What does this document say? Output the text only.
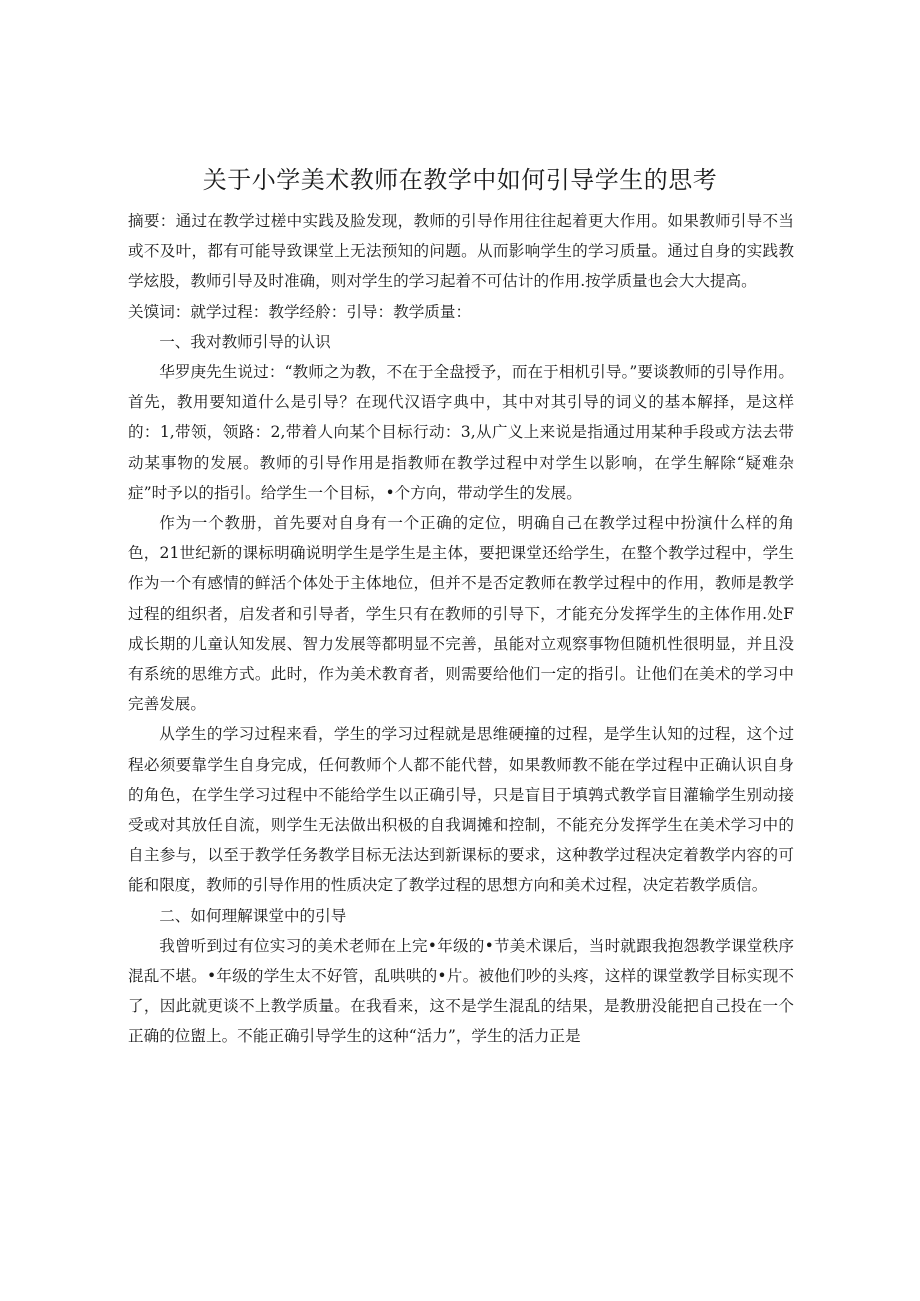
关于小学美术教师在教学中如何引导学生的思考

摘要：通过在教学过槎中实践及脸发现，教师的引导作用往往起着更大作用。如果教师引导不当或不及叶，都有可能导致课堂上无法预知的问题。从而影响学生的学习质量。通过自身的实践教学炫股，教师引导及时准确，则对学生的学习起着不可估计的作用.按学质量也会大大提高。

关馍词：就学过程：教学经舲：引导：教学质量：

一、我对教师引导的认识

华罗庚先生说过：“教师之为教，不在于全盘授予，而在于相机引导。”要谈教师的引导作用。首先，教用要知道什么是引导？在现代汉语字典中，其中对其引导的词义的基本解择，是这样的：1,带领，领路：2,带着人向某个目标行动：3,从广义上来说是指通过用某种手段或方法去带动某事物的发展。教师的引导作用是指教师在教学过程中对学生以影响，在学生解除“疑难杂症”时予以的指引。给学生一个目标，•个方向，带动学生的发展。

作为一个教册，首先要对自身有一个正确的定位，明确自己在教学过程中扮演什么样的角色，21世纪新的课标明确说明学生是学生是主体，要把课堂还给学生，在整个教学过程中，学生作为一个有感情的鲜活个体处于主体地位，但并不是否定教师在教学过程中的作用，教师是教学过程的组织者，启发者和引导者，学生只有在教师的引导下，才能充分发挥学生的主体作用.处F成长期的儿童认知发展、智力发展等都明显不完善，虽能对立观察事物但随机性很明显，并且没有系统的思维方式。此时，作为美术教育者，则需要给他们一定的指引。让他们在美术的学习中完善发展。

从学生的学习过程来看，学生的学习过程就是思维硬撞的过程，是学生认知的过程，这个过程必须要靠学生自身完成，任何教师个人都不能代替，如果教师教不能在学过程中正确认识自身的角色，在学生学习过程中不能给学生以正确引导，只是盲目于填鹑式教学盲目灌输学生别动接受或对其放任自流，则学生无法做出积极的自我调摊和控制，不能充分发挥学生在美术学习中的自主参与，以至于教学任务教学目标无法达到新课标的要求，这种教学过程决定着教学内容的可能和限度，教师的引导作用的性质决定了教学过程的思想方向和美术过程，决定若教学质信。

二、如何理解课堂中的引导

我曾听到过有位实习的美术老师在上完•年级的•节美术课后，当时就跟我抱怨教学课堂秩序混乱不堪。•年级的学生太不好管，乱哄哄的•片。被他们吵的头疼，这样的课堂教学目标实现不了，因此就更谈不上教学质量。在我看来，这不是学生混乱的结果，是教册没能把自己投在一个正确的位盥上。不能正确引导学生的这种“活力”，学生的活力正是
